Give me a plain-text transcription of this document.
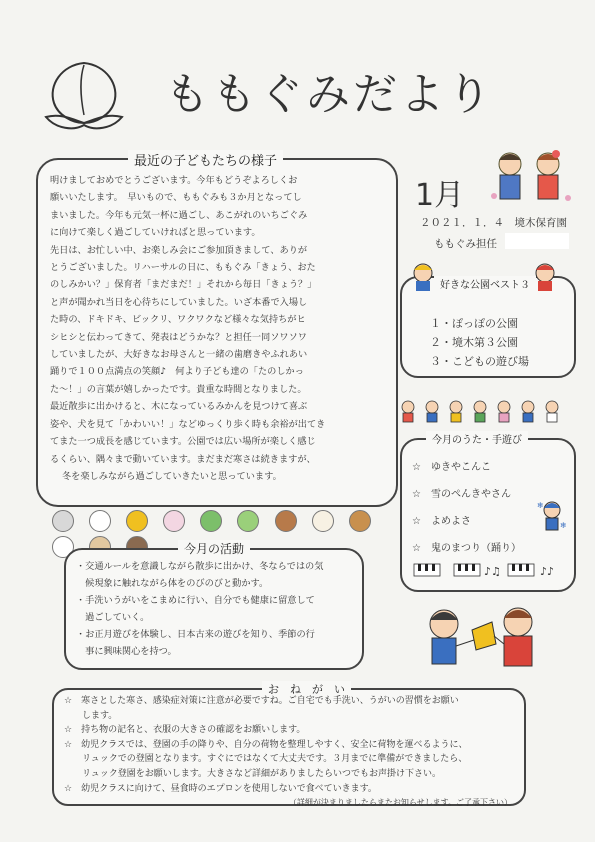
ももぐみだより
最近の子どもたちの様子
明けましておめでとうございます。今年もどうぞよろしくお
願いいたします。　早いもので、ももぐみも３か月となってし
まいました。今年も元気一杯に過ごし、あこがれのいちごぐみ
に向けて楽しく過ごしていければと思っています。
先日は、お忙しい中、お楽しみ会にご参加頂きまして、ありが
とうございました。リハーサルの日に、ももぐみ「きょう、おた
のしみかい？」保育者「まだまだ！」それから毎日「きょう？」
と声が聞かれ当日を心待ちにしていました。いざ本番で入場し
た時の、ドキドキ、ビックリ、ワクワクなど様々な気持ちがヒ
シヒシと伝わってきて、発表はどうかな？と担任一同ソワソワ
していましたが、大好きなお母さんと一緒の歯磨きやふれあい
踊りで１００点満点の笑顔♪　何より子ども達の「たのしかっ
た～！」の言葉が嬉しかったです。貴重な時間となりました。
最近散歩に出かけると、木になっているみかんを見つけて喜ぶ
姿や、犬を見て「かわいい！」などゆっくり歩く時も余裕が出てき
てまた一つ成長を感じています。公園では広い場所が楽しく感じ
るくらい、隅々まで動いています。まだまだ寒さは続きますが、
冬を楽しみながら過ごしていきたいと思っています。
1月
２０２１．１．４　境木保育園
ももぐみ担任
好きな公園ベスト３
１・ぽっぽの公園
２・境木第３公園
３・こどもの遊び場
今月のうた・手遊び
☆　 ゆきやこんこ
☆　 雪のぺんきやさん
☆　 よめよさ
☆　 鬼のまつり（踊り）
❄
❄
♪♫	♪♪

今月の活動
・交通ルールを意識しながら散歩に出かけ、冬ならではの気
　候現象に触れながら体をのびのびと動かす。
・手洗いうがいをこまめに行い、自分でも健康に留意して
　過ごしていく。
・お正月遊びを体験し、日本古来の遊びを知り、季節の行
　事に興味関心を持つ。
お　ね　が　い
☆　寒さとした寒さ、感染症対策に注意が必要ですね。ご自宅でも手洗い、うがいの習慣をお願い
　　します。
☆　持ち物の記名と、衣服の大きさの確認をお願いします。
☆　幼児クラスでは、登園の手の降りや、自分の荷物を整理しやすく、安全に荷物を運べるように、
　　リュックでの登園となります。すぐにではなくて大丈夫です。３月までに準備ができましたら、
　　リュック登園をお願いします。大きさなど詳細がありましたらいつでもお声掛け下さい。
☆　幼児クラスに向けて、昼食時のエプロンを使用しないで食べていきます。
（詳細が決まりましたらまたお知らせします。ご了承下さい）
